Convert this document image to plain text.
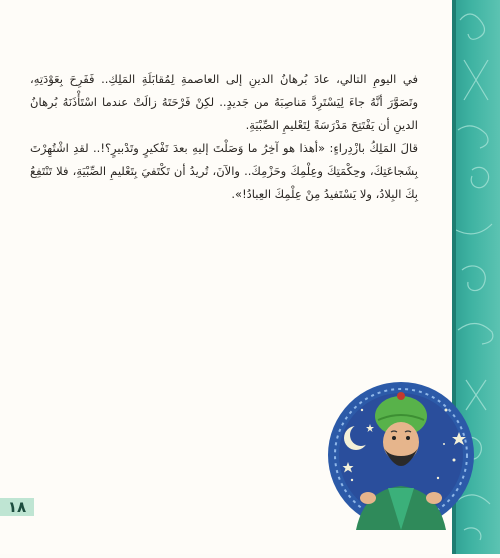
في اليومِ التالي، عادَ بُرهانُ الدينِ إلى العاصمةِ لِمُقابَلَةِ المَلِكِ.. فَفَرِحَ بِعَوْدَتِهِ، وتَصَوَّرَ أنَّهُ جاءَ لِيَسْتَرِدَّ مَناصِبَهُ من جَديدٍ.. لكِنْ فَرْحَتَهُ زالَتْ عندما اسْتَأْذَنَهُ بُرهانُ الدينِ أن يَفْتَتِحَ مَدْرَسَةً لِتَعْليمِ الصِّبْيَةِ.

قالَ المَلِكُ بازْدِراءٍ: «أهذا هو آخِرُ ما وَصَلْتَ إليهِ بعدَ تَفْكيرٍ وتَدْبيرٍ؟!.. لقدِ اشْتُهِرْتَ بِشَجاعَتِكَ، وحِكْمَتِكَ وعِلْمِكَ وحَزْمِكَ.. والآنَ، تُريدُ أن تَكْتَفيَ بِتَعْليمِ الصِّبْيَةِ، فلا تَنْتَفِعُ بِكَ البِلادُ، ولا يَسْتَفيدُ مِنْ عِلْمِكَ العِبادُ!».

١٨
